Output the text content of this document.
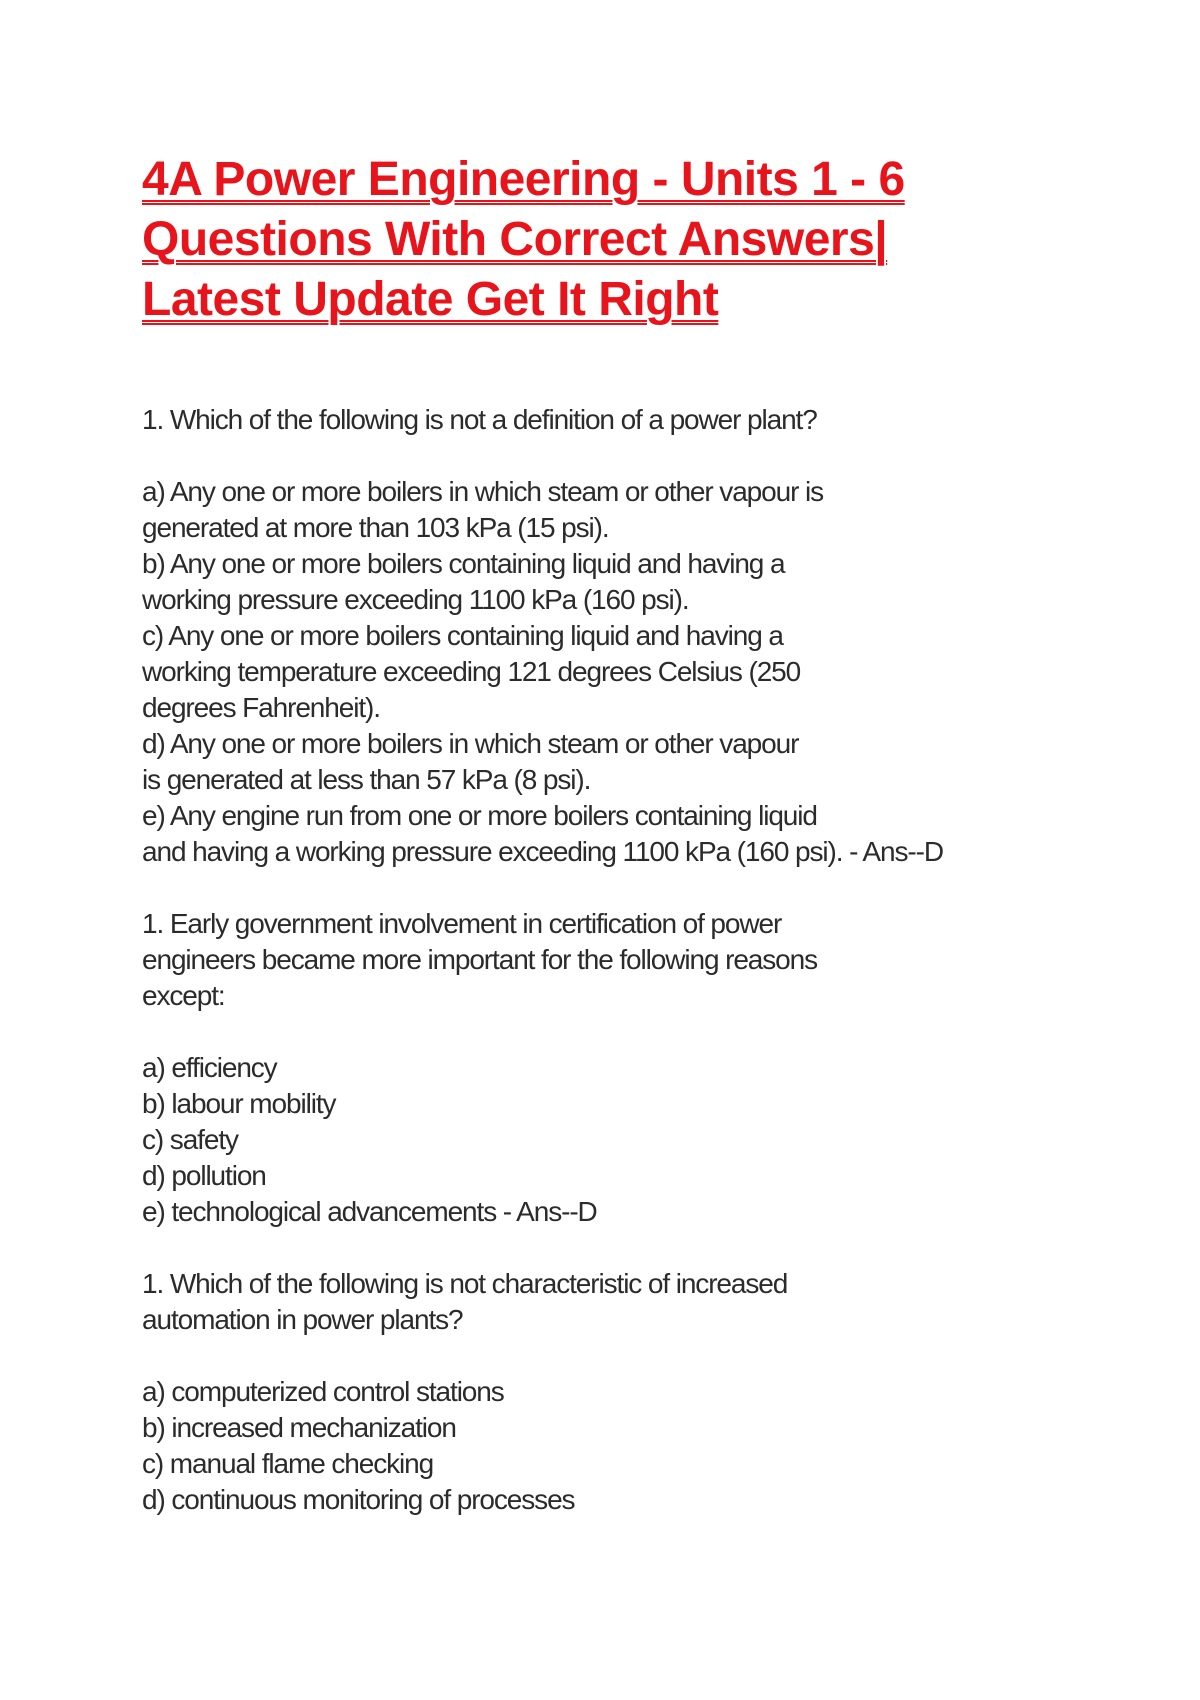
4A Power Engineering - Units 1 - 6
Questions With Correct Answers|
Latest Update Get It Right
1. Which of the following is not a definition of a power plant?
a) Any one or more boilers in which steam or other vapour is
generated at more than 103 kPa (15 psi).
b) Any one or more boilers containing liquid and having a
working pressure exceeding 1100 kPa (160 psi).
c) Any one or more boilers containing liquid and having a
working temperature exceeding 121 degrees Celsius (250
degrees Fahrenheit).
d) Any one or more boilers in which steam or other vapour
is generated at less than 57 kPa (8 psi).
e) Any engine run from one or more boilers containing liquid
and having a working pressure exceeding 1100 kPa (160 psi). - Ans--D
1. Early government involvement in certification of power
engineers became more important for the following reasons
except:
a) efficiency
b) labour mobility
c) safety
d) pollution
e) technological advancements - Ans--D
1. Which of the following is not characteristic of increased
automation in power plants?
a) computerized control stations
b) increased mechanization
c) manual flame checking
d) continuous monitoring of processes
